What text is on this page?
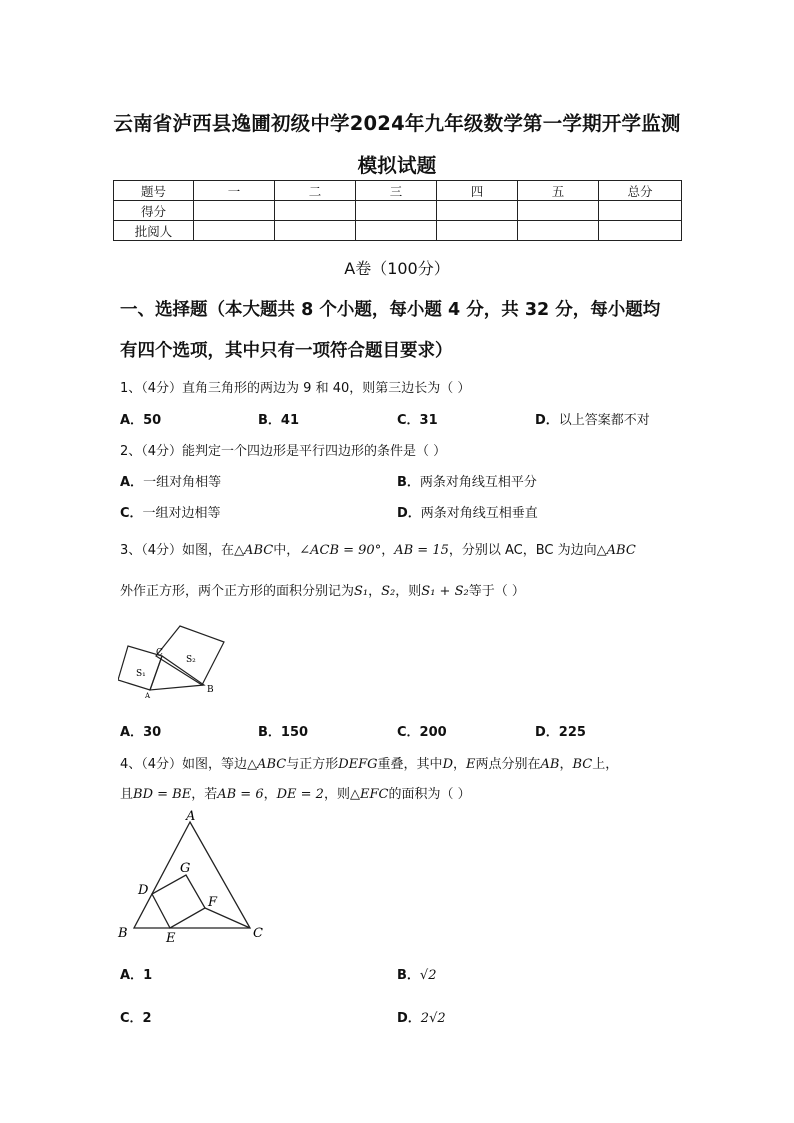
云南省泸西县逸圃初级中学2024年九年级数学第一学期开学监测
模拟试题
题号	一	二	三	四	五	总分
得分						
批阅人						
A卷（100分）
一、选择题（本大题共 8 个小题，每小题 4 分，共 32 分，每小题均
有四个选项，其中只有一项符合题目要求）
1、（4分）直角三角形的两边为 9 和 40，则第三边长为（ ）
A．50	B．41	C．31	D．以上答案都不对
2、（4分）能判定一个四边形是平行四边形的条件是（ ）
A．一组对角相等	B．两条对角线互相平分
C．一组对边相等	D．两条对角线互相垂直
3、（4分）如图，在△ABC中，∠ACB = 90°，AB = 15，分别以 AC，BC 为边向△ABC
外作正方形，两个正方形的面积分别记为S₁，S₂，则S₁ + S₂等于（ ）
C
A
B
S₁
S₂
A．30	B．150	C．200	D．225
4、（4分）如图，等边△ABC与正方形DEFG重叠，其中D，E两点分别在AB，BC上，
且BD = BE，若AB = 6，DE = 2，则△EFC的面积为（ ）
A
B	C
D
E
F
G
A．1	B．√2
C．2	D．2√2
